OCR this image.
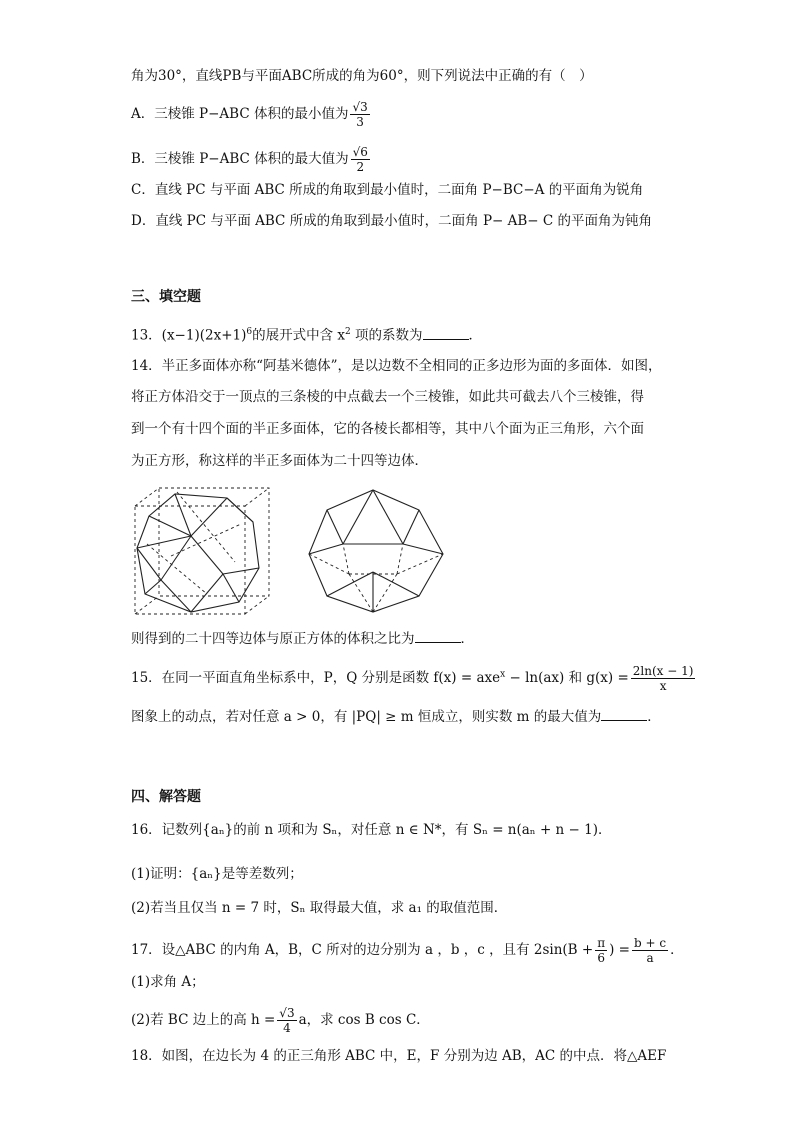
角为30°，直线PB与平面ABC所成的角为60°，则下列说法中正确的有（　）
A．三棱锥 P−ABC 体积的最小值为 $\frac{√3}{3}$
B．三棱锥 P−ABC 体积的最大值为 $\frac{√6}{2}$
C．直线 PC 与平面 ABC 所成的角取到最小值时，二面角 P−BC−A 的平面角为锐角
D．直线 PC 与平面 ABC 所成的角取到最小值时，二面角 P− AB− C 的平面角为钝角
三、填空题
13．$(x-1)(2x+1)^6$的展开式中含 $x^2$ 项的系数为	．
14．半正多面体亦称“阿基米德体”，是以边数不全相同的正多边形为面的多面体．如图，
将正方体沿交于一顶点的三条棱的中点截去一个三棱锥，如此共可截去八个三棱锥，得
到一个有十四个面的半正多面体，它的各棱长都相等，其中八个面为正三角形，六个面
为正方形，称这样的半正多面体为二十四等边体．
则得到的二十四等边体与原正方体的体积之比为	．
15．在同一平面直角坐标系中，P，Q 分别是函数 f(x) = axe$^x$ − ln(ax) 和 $g(x) = \frac{2\ln(x - 1)}{x}$
图象上的动点，若对任意 a > 0，有 |PQ| ≥ m 恒成立，则实数 m 的最大值为	．
四、解答题
16．记数列{aₙ}的前 n 项和为 Sₙ，对任意 n ∈ N*，有 Sₙ = n(aₙ + n − 1)．
(1)证明：{aₙ}是等差数列；
(2)若当且仅当 n = 7 时，Sₙ 取得最大值，求 a₁ 的取值范围．
17．设△ABC 的内角 A，B，C 所对的边分别为 a ，b ，c ，且有 $2\sin(B + \frac{\pi}{6}$ ) = $\frac{b + c}{a}$ ．
(1)求角 A；
(2)若 BC 边上的高 $h = \frac{√3}{4}$ a，求 cos B cos C．
18．如图，在边长为 4 的正三角形 ABC 中，E，F 分别为边 AB，AC 的中点．将△AEF
